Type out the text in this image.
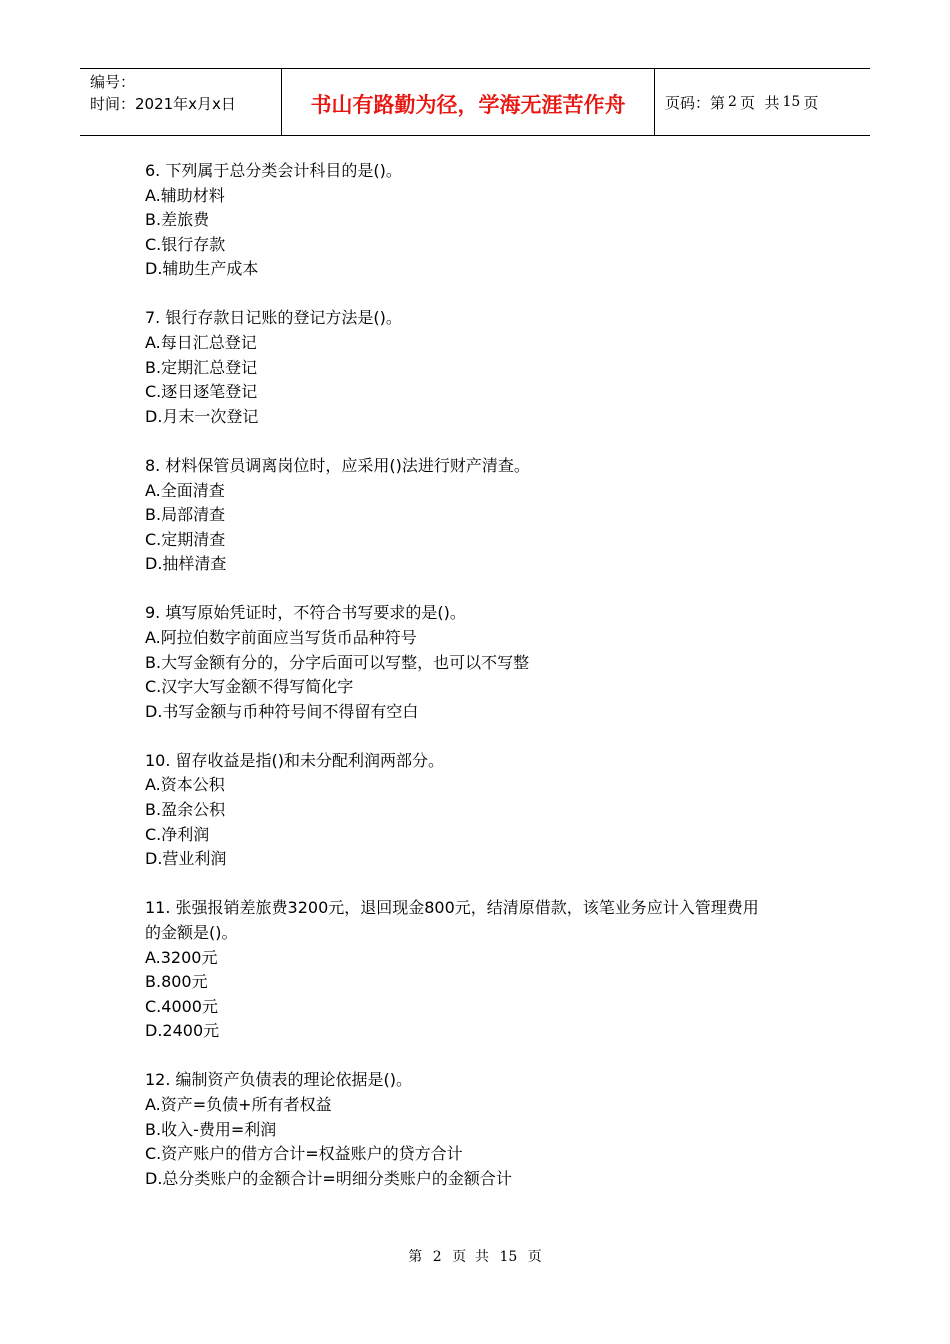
编号：
时间：2021年x月x日	书山有路勤为径，学海无涯苦作舟	页码：第 2 页  共 15 页
6. 下列属于总分类会计科目的是()。
A.辅助材料
B.差旅费
C.银行存款
D.辅助生产成本
7. 银行存款日记账的登记方法是()。
A.每日汇总登记
B.定期汇总登记
C.逐日逐笔登记
D.月末一次登记
8. 材料保管员调离岗位时，应采用()法进行财产清查。
A.全面清查
B.局部清查
C.定期清查
D.抽样清查
9. 填写原始凭证时，不符合书写要求的是()。
A.阿拉伯数字前面应当写货币品种符号
B.大写金额有分的，分字后面可以写整，也可以不写整
C.汉字大写金额不得写简化字
D.书写金额与币种符号间不得留有空白
10. 留存收益是指()和未分配利润两部分。
A.资本公积
B.盈余公积
C.净利润
D.营业利润
11. 张强报销差旅费3200元，退回现金800元，结清原借款，该笔业务应计入管理费用
的金额是()。
A.3200元
B.800元
C.4000元
D.2400元
12. 编制资产负债表的理论依据是()。
A.资产=负债+所有者权益
B.收入-费用=利润
C.资产账户的借方合计=权益账户的贷方合计
D.总分类账户的金额合计=明细分类账户的金额合计
第 2 页  共 15 页
